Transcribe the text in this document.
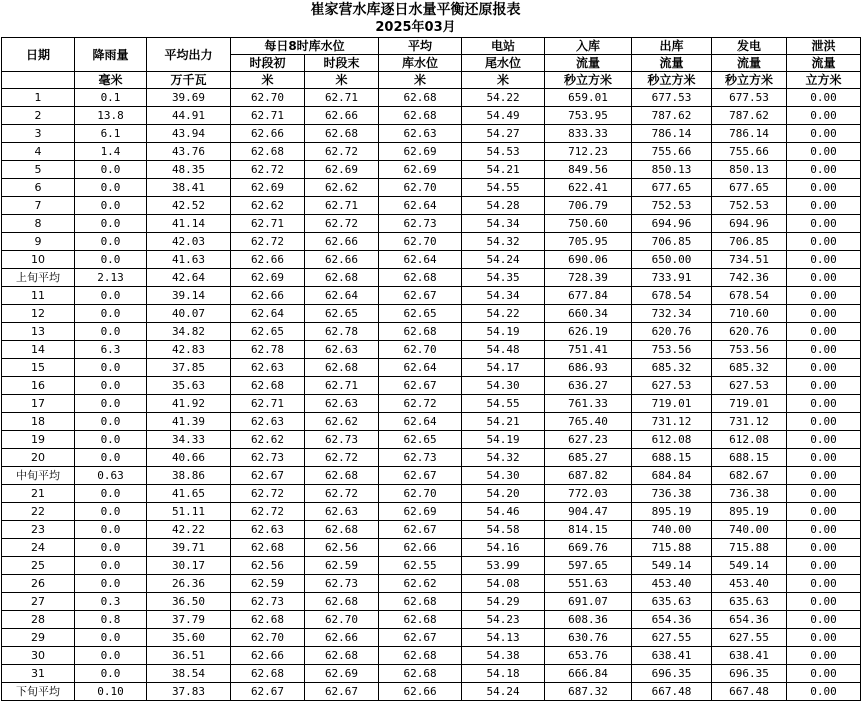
崔家营水库逐日水量平衡还原报表
2025年03月
日期	降雨量	平均出力	每日8时库水位		平均	电站	入库	出库	发电	泄洪
			时段初	时段末	库水位	尾水位	流量	流量	流量	流量
	毫米	万千瓦	米	米	米	米	秒立方米	秒立方米	秒立方米	立方米
1	0.1	39.69	62.70	62.71	62.68	54.22	659.01	677.53	677.53	0.00
2	13.8	44.91	62.71	62.66	62.68	54.49	753.95	787.62	787.62	0.00
3	6.1	43.94	62.66	62.68	62.63	54.27	833.33	786.14	786.14	0.00
4	1.4	43.76	62.68	62.72	62.69	54.53	712.23	755.66	755.66	0.00
5	0.0	48.35	62.72	62.69	62.69	54.21	849.56	850.13	850.13	0.00
6	0.0	38.41	62.69	62.62	62.70	54.55	622.41	677.65	677.65	0.00
7	0.0	42.52	62.62	62.71	62.64	54.28	706.79	752.53	752.53	0.00
8	0.0	41.14	62.71	62.72	62.73	54.34	750.60	694.96	694.96	0.00
9	0.0	42.03	62.72	62.66	62.70	54.32	705.95	706.85	706.85	0.00
10	0.0	41.63	62.66	62.66	62.64	54.24	690.06	650.00	734.51	0.00
上旬平均	2.13	42.64	62.69	62.68	62.68	54.35	728.39	733.91	742.36	0.00
11	0.0	39.14	62.66	62.64	62.67	54.34	677.84	678.54	678.54	0.00
12	0.0	40.07	62.64	62.65	62.65	54.22	660.34	732.34	710.60	0.00
13	0.0	34.82	62.65	62.78	62.68	54.19	626.19	620.76	620.76	0.00
14	6.3	42.83	62.78	62.63	62.70	54.48	751.41	753.56	753.56	0.00
15	0.0	37.85	62.63	62.68	62.64	54.17	686.93	685.32	685.32	0.00
16	0.0	35.63	62.68	62.71	62.67	54.30	636.27	627.53	627.53	0.00
17	0.0	41.92	62.71	62.63	62.72	54.55	761.33	719.01	719.01	0.00
18	0.0	41.39	62.63	62.62	62.64	54.21	765.40	731.12	731.12	0.00
19	0.0	34.33	62.62	62.73	62.65	54.19	627.23	612.08	612.08	0.00
20	0.0	40.66	62.73	62.72	62.73	54.32	685.27	688.15	688.15	0.00
中旬平均	0.63	38.86	62.67	62.68	62.67	54.30	687.82	684.84	682.67	0.00
21	0.0	41.65	62.72	62.72	62.70	54.20	772.03	736.38	736.38	0.00
22	0.0	51.11	62.72	62.63	62.69	54.46	904.47	895.19	895.19	0.00
23	0.0	42.22	62.63	62.68	62.67	54.58	814.15	740.00	740.00	0.00
24	0.0	39.71	62.68	62.56	62.66	54.16	669.76	715.88	715.88	0.00
25	0.0	30.17	62.56	62.59	62.55	53.99	597.65	549.14	549.14	0.00
26	0.0	26.36	62.59	62.73	62.62	54.08	551.63	453.40	453.40	0.00
27	0.3	36.50	62.73	62.68	62.68	54.29	691.07	635.63	635.63	0.00
28	0.8	37.79	62.68	62.70	62.68	54.23	608.36	654.36	654.36	0.00
29	0.0	35.60	62.70	62.66	62.67	54.13	630.76	627.55	627.55	0.00
30	0.0	36.51	62.66	62.68	62.68	54.38	653.76	638.41	638.41	0.00
31	0.0	38.54	62.68	62.69	62.68	54.18	666.84	696.35	696.35	0.00
下旬平均	0.10	37.83	62.67	62.67	62.66	54.24	687.32	667.48	667.48	0.00
